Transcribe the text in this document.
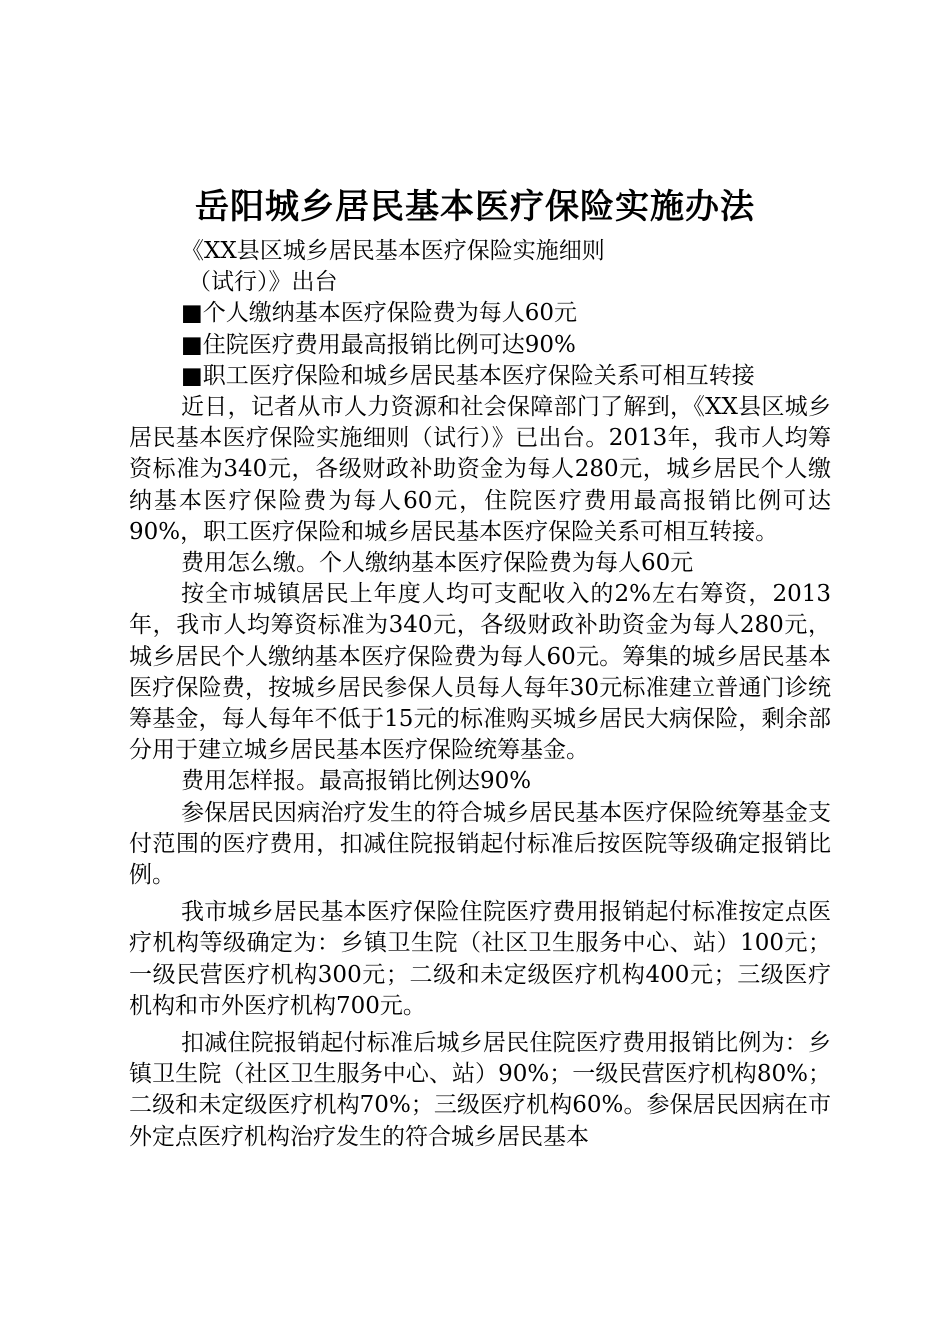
岳阳城乡居民基本医疗保险实施办法
《XX县区城乡居民基本医疗保险实施细则
（试行）》出台
■个人缴纳基本医疗保险费为每人60元
■住院医疗费用最高报销比例可达90%
■职工医疗保险和城乡居民基本医疗保险关系可相互转接

近日，记者从市人力资源和社会保障部门了解到，《XX县区城乡居民基本医疗保险实施细则（试行）》已出台。2013年，我市人均筹资标准为340元，各级财政补助资金为每人280元，城乡居民个人缴纳基本医疗保险费为每人60元，住院医疗费用最高报销比例可达90%，职工医疗保险和城乡居民基本医疗保险关系可相互转接。

费用怎么缴。个人缴纳基本医疗保险费为每人60元

按全市城镇居民上年度人均可支配收入的2%左右筹资，2013年，我市人均筹资标准为340元，各级财政补助资金为每人280元，城乡居民个人缴纳基本医疗保险费为每人60元。筹集的城乡居民基本医疗保险费，按城乡居民参保人员每人每年30元标准建立普通门诊统筹基金，每人每年不低于15元的标准购买城乡居民大病保险，剩余部分用于建立城乡居民基本医疗保险统筹基金。

费用怎样报。最高报销比例达90%

参保居民因病治疗发生的符合城乡居民基本医疗保险统筹基金支付范围的医疗费用，扣减住院报销起付标准后按医院等级确定报销比例。

我市城乡居民基本医疗保险住院医疗费用报销起付标准按定点医疗机构等级确定为：乡镇卫生院（社区卫生服务中心、站）100元；一级民营医疗机构300元；二级和未定级医疗机构400元；三级医疗机构和市外医疗机构700元。

扣减住院报销起付标准后城乡居民住院医疗费用报销比例为：乡镇卫生院（社区卫生服务中心、站）90%；一级民营医疗机构80%；二级和未定级医疗机构70%；三级医疗机构60%。参保居民因病在市外定点医疗机构治疗发生的符合城乡居民基本
